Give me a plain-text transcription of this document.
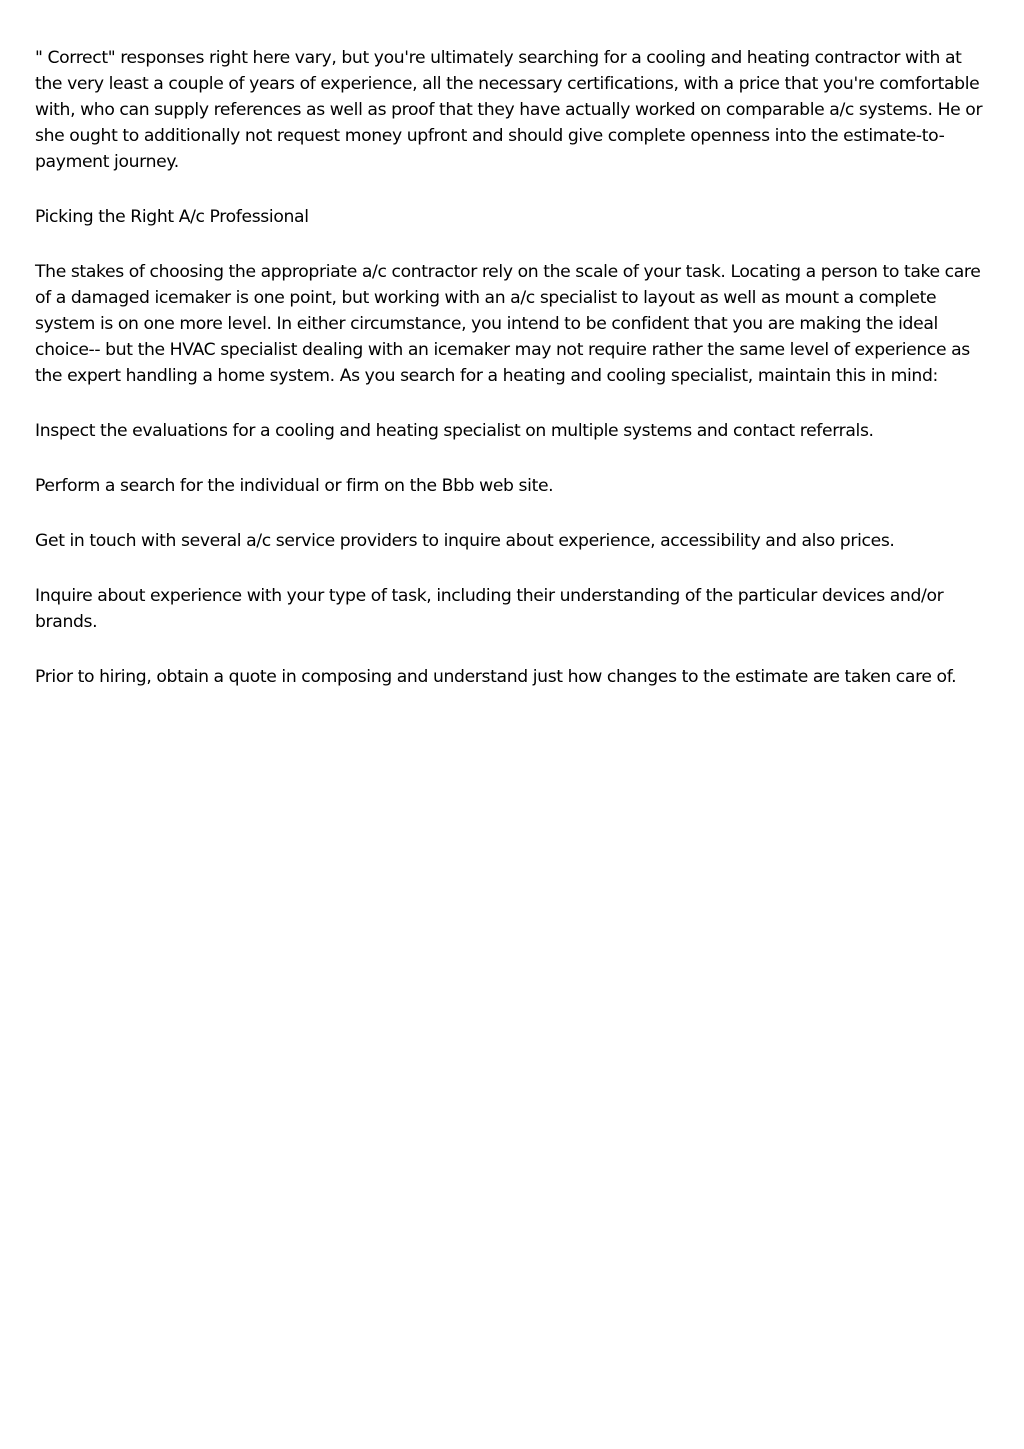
" Correct" responses right here vary, but you're ultimately searching for a cooling and heating contractor with at the very least a couple of years of experience, all the necessary certifications, with a price that you're comfortable with, who can supply references as well as proof that they have actually worked on comparable a/c systems. He or she ought to additionally not request money upfront and should give complete openness into the estimate-to-payment journey.

Picking the Right A/c Professional

The stakes of choosing the appropriate a/c contractor rely on the scale of your task. Locating a person to take care of a damaged icemaker is one point, but working with an a/c specialist to layout as well as mount a complete system is on one more level. In either circumstance, you intend to be confident that you are making the ideal choice-- but the HVAC specialist dealing with an icemaker may not require rather the same level of experience as the expert handling a home system. As you search for a heating and cooling specialist, maintain this in mind:

Inspect the evaluations for a cooling and heating specialist on multiple systems and contact referrals.

Perform a search for the individual or firm on the Bbb web site.

Get in touch with several a/c service providers to inquire about experience, accessibility and also prices.

Inquire about experience with your type of task, including their understanding of the particular devices and/or brands.

Prior to hiring, obtain a quote in composing and understand just how changes to the estimate are taken care of.
